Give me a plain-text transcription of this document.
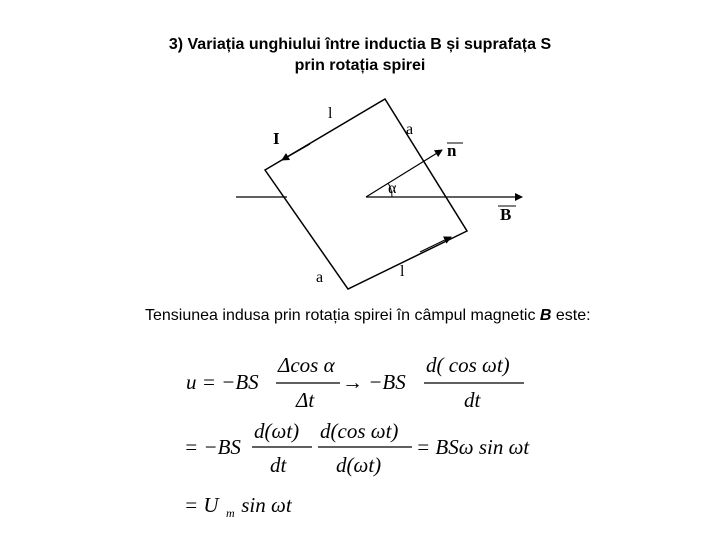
3) Variația unghiului între inductia B și suprafața S
prin rotația spirei
I
l
l
a
a
n
α
B
Tensiunea indusa prin rotația spirei în câmpul magnetic B este:
u = −BS
Δcos α
Δt
→ −BS
d( cos ωt)
dt
= −BS
d(ωt)
dt
d(cos ωt)
d(ωt)
= BSω sin ωt
= U m sin ωt
